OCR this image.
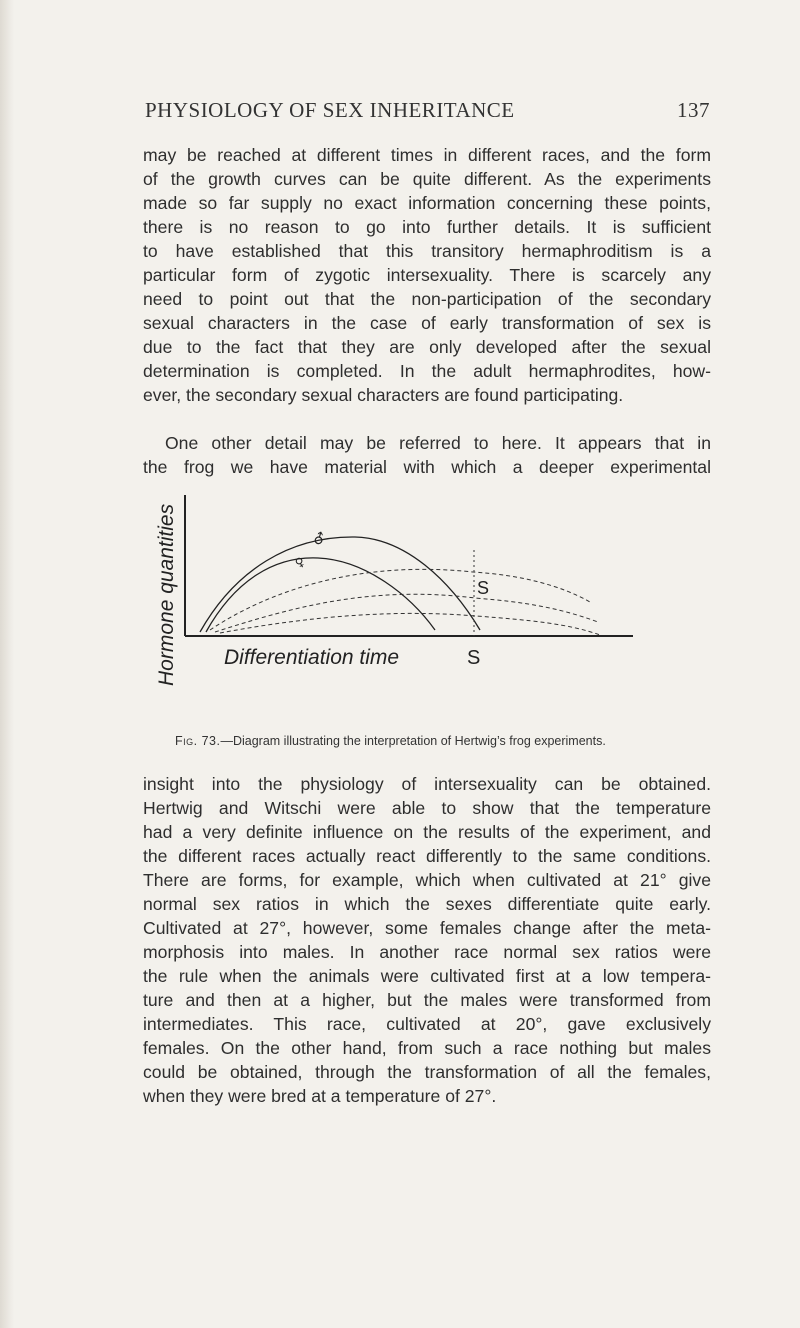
PHYSIOLOGY OF SEX INHERITANCE	137
may be reached at different times in different races, and the form
of the growth curves can be quite different. As the experiments
made so far supply no exact information concerning these points,
there is no reason to go into further details. It is sufficient
to have established that this transitory hermaphroditism is a
particular form of zygotic intersexuality. There is scarcely any
need to point out that the non-participation of the secondary
sexual characters in the case of early transformation of sex is
due to the fact that they are only developed after the sexual
determination is completed. In the adult hermaphrodites, how-
ever, the secondary sexual characters are found participating.
One other detail may be referred to here. It appears that in
the frog we have material with which a deeper experimental
Hormone quantities	♂
♀
S
Differentiation time	S
Fig. 73.—Diagram illustrating the interpretation of Hertwig’s frog experiments.
insight into the physiology of intersexuality can be obtained.
Hertwig and Witschi were able to show that the temperature
had a very definite influence on the results of the experiment, and
the different races actually react differently to the same conditions.
There are forms, for example, which when cultivated at 21° give
normal sex ratios in which the sexes differentiate quite early.
Cultivated at 27°, however, some females change after the meta-
morphosis into males. In another race normal sex ratios were
the rule when the animals were cultivated first at a low tempera-
ture and then at a higher, but the males were transformed from
intermediates. This race, cultivated at 20°, gave exclusively
females. On the other hand, from such a race nothing but males
could be obtained, through the transformation of all the females,
when they were bred at a temperature of 27°.
